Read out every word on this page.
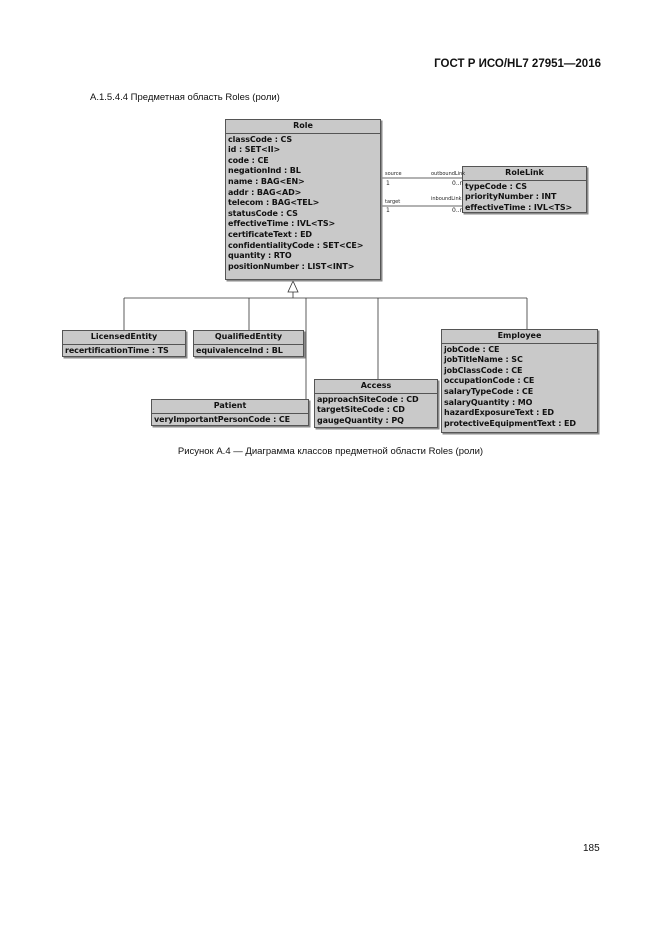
ГОСТ Р ИСО/HL7 27951—2016
А.1.5.4.4 Предметная область Roles (роли)
Role
classCode : CS
id : SET<II>
code : CE
negationInd : BL
name : BAG<EN>
addr : BAG<AD>
telecom : BAG<TEL>
statusCode : CS
effectiveTime : IVL<TS>
certificateText : ED
confidentialityCode : SET<CE>
quantity : RTO
positionNumber : LIST<INT>
RoleLink
typeCode : CS
priorityNumber : INT
effectiveTime : IVL<TS>
source	outboundLink
1	0..n
target	inboundLink
1	0..n
LicensedEntity
recertificationTime : TS
QualifiedEntity
equivalenceInd : BL
Patient
veryImportantPersonCode : CE
Access
approachSiteCode : CD
targetSiteCode : CD
gaugeQuantity : PQ
Employee
jobCode : CE
jobTitleName : SC
jobClassCode : CE
occupationCode : CE
salaryTypeCode : CE
salaryQuantity : MO
hazardExposureText : ED
protectiveEquipmentText : ED
Рисунок А.4 — Диаграмма классов предметной области Roles (роли)
185
